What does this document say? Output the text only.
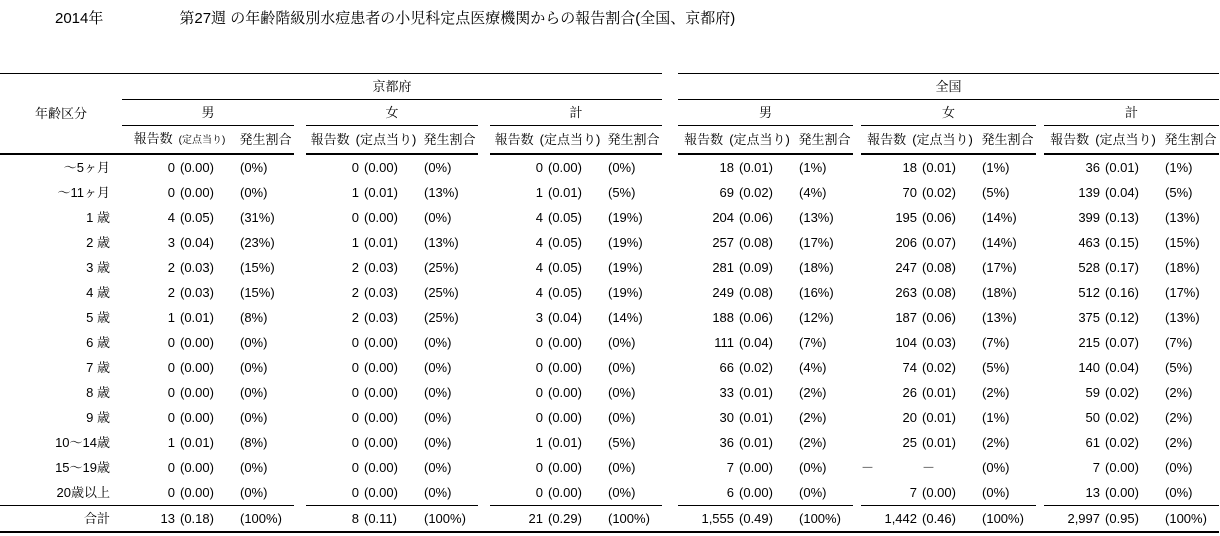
2014年	第27週 の年齢階級別水痘患者の小児科定点医療機関からの報告割合(全国、京都府)
年齢区分	京都府									全国							
	男			女			計			男			女			計	
	報告数 (定点当り)	発生割合		報告数 (定点当り)	発生割合		報告数 (定点当り)	発生割合		報告数 (定点当り)	発生割合		報告数 (定点当り)	発生割合		報告数 (定点当り)	発生割合
～5ヶ月	0 (0.00)	(0%)		0 (0.00)	(0%)		0 (0.00)	(0%)		18 (0.01)	(1%)		18 (0.01)	(1%)		36 (0.01)	(1%)
～11ヶ月	0 (0.00)	(0%)		1 (0.01)	(13%)		1 (0.01)	(5%)		69 (0.02)	(4%)		70 (0.02)	(5%)		139 (0.04)	(5%)
1 歳	4 (0.05)	(31%)		0 (0.00)	(0%)		4 (0.05)	(19%)		204 (0.06)	(13%)		195 (0.06)	(14%)		399 (0.13)	(13%)
2 歳	3 (0.04)	(23%)		1 (0.01)	(13%)		4 (0.05)	(19%)		257 (0.08)	(17%)		206 (0.07)	(14%)		463 (0.15)	(15%)
3 歳	2 (0.03)	(15%)		2 (0.03)	(25%)		4 (0.05)	(19%)		281 (0.09)	(18%)		247 (0.08)	(17%)		528 (0.17)	(18%)
4 歳	2 (0.03)	(15%)		2 (0.03)	(25%)		4 (0.05)	(19%)		249 (0.08)	(16%)		263 (0.08)	(18%)		512 (0.16)	(17%)
5 歳	1 (0.01)	(8%)		2 (0.03)	(25%)		3 (0.04)	(14%)		188 (0.06)	(12%)		187 (0.06)	(13%)		375 (0.12)	(13%)
6 歳	0 (0.00)	(0%)		0 (0.00)	(0%)		0 (0.00)	(0%)		111 (0.04)	(7%)		104 (0.03)	(7%)		215 (0.07)	(7%)
7 歳	0 (0.00)	(0%)		0 (0.00)	(0%)		0 (0.00)	(0%)		66 (0.02)	(4%)		74 (0.02)	(5%)		140 (0.04)	(5%)
8 歳	0 (0.00)	(0%)		0 (0.00)	(0%)		0 (0.00)	(0%)		33 (0.01)	(2%)		26 (0.01)	(2%)		59 (0.02)	(2%)
9 歳	0 (0.00)	(0%)		0 (0.00)	(0%)		0 (0.00)	(0%)		30 (0.01)	(2%)		20 (0.01)	(1%)		50 (0.02)	(2%)
10～14歳	1 (0.01)	(8%)		0 (0.00)	(0%)		1 (0.01)	(5%)		36 (0.01)	(2%)		25 (0.01)	(2%)		61 (0.02)	(2%)
15～19歳	0 (0.00)	(0%)		0 (0.00)	(0%)		0 (0.00)	(0%)		7 (0.00)	(0%)		－ －	(0%)		7 (0.00)	(0%)
20歳以上	0 (0.00)	(0%)		0 (0.00)	(0%)		0 (0.00)	(0%)		6 (0.00)	(0%)		7 (0.00)	(0%)		13 (0.00)	(0%)
合計	13 (0.18)	(100%)		8 (0.11)	(100%)		21 (0.29)	(100%)		1,555 (0.49)	(100%)		1,442 (0.46)	(100%)		2,997 (0.95)	(100%)
